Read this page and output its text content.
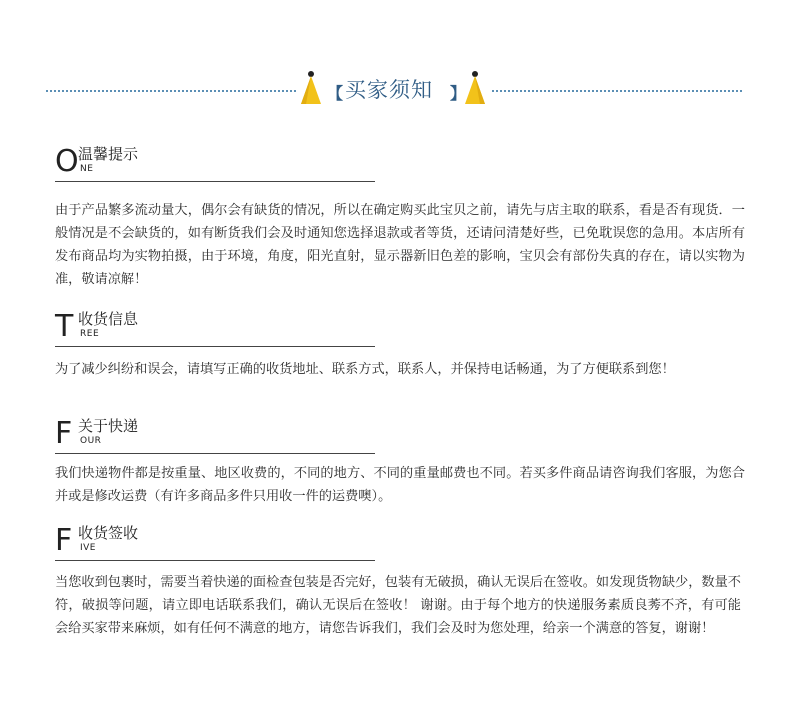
【 买家须知 】
O 温馨提示
NE
由于产品繁多流动量大，偶尔会有缺货的情况，所以在确定购买此宝贝之前，请先与店主取的联系，看是否有现货．一般情况是不会缺货的，如有断货我们会及时通知您选择退款或者等货，还请问清楚好些，已免耽误您的急用。本店所有发布商品均为实物拍摄，由于环境，角度，阳光直射，显示器新旧色差的影响，宝贝会有部份失真的存在，请以实物为准，敬请凉解！
T 收货信息
REE
为了减少纠纷和误会，请填写正确的收货地址、联系方式，联系人，并保持电话畅通，为了方便联系到您！
F 关于快递
OUR
我们快递物件都是按重量、地区收费的，不同的地方、不同的重量邮费也不同。若买多件商品请咨询我们客服，为您合并或是修改运费（有许多商品多件只用收一件的运费噢）。
F 收货签收
IVE
当您收到包裹时，需要当着快递的面检查包装是否完好，包装有无破损，确认无误后在签收。如发现货物缺少，数量不符，破损等问题，请立即电话联系我们，确认无误后在签收！ 谢谢。由于每个地方的快递服务素质良莠不齐，有可能会给买家带来麻烦，如有任何不满意的地方，请您告诉我们，我们会及时为您处理，给亲一个满意的答复，谢谢！
